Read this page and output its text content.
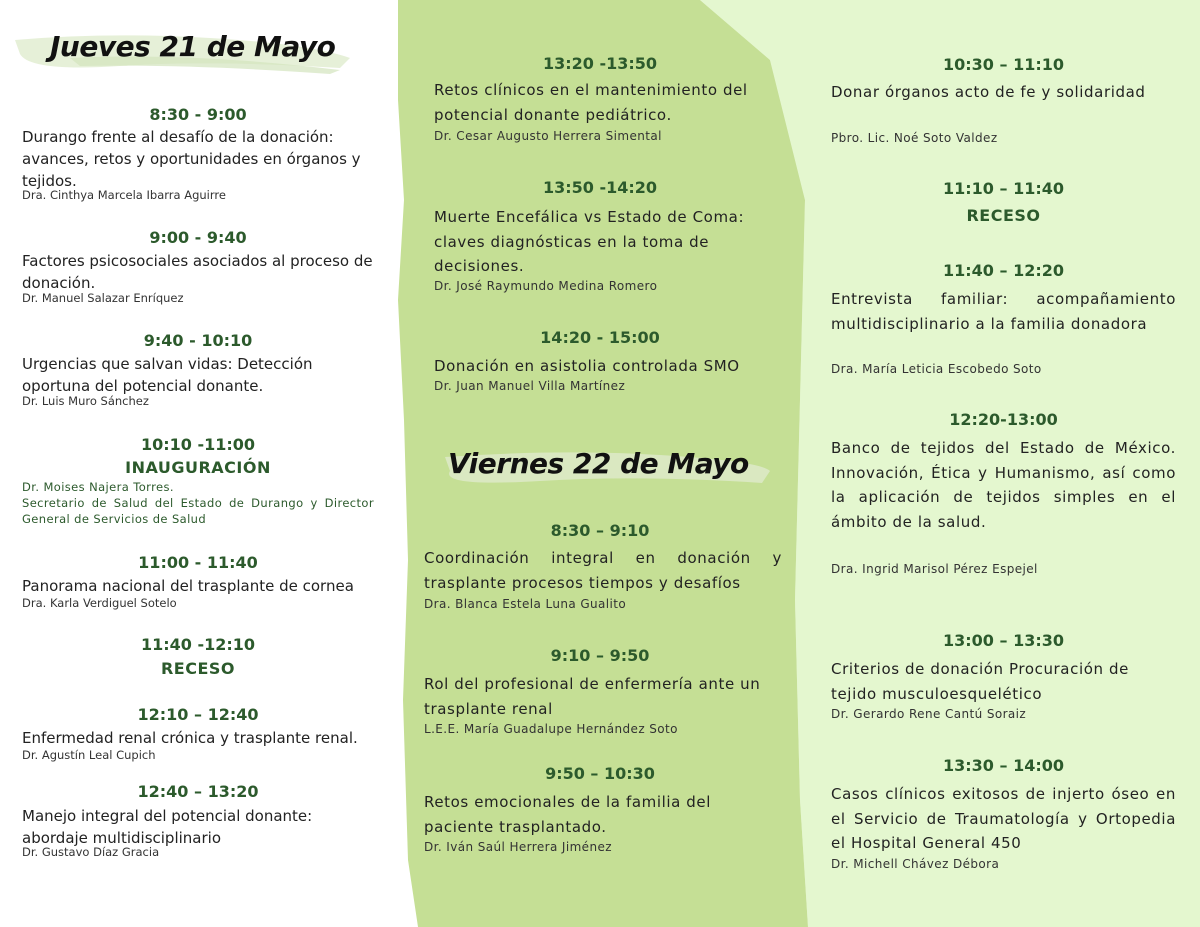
Jueves 21 de Mayo
8:30 - 9:00
Durango frente al desafío de la donación: avances, retos y oportunidades en órganos y tejidos.
Dra. Cinthya Marcela Ibarra Aguirre
9:00 - 9:40
Factores psicosociales asociados al proceso de donación.
Dr. Manuel Salazar Enríquez
9:40 - 10:10
Urgencias que salvan vidas: Detección oportuna del potencial donante.
Dr. Luis Muro Sánchez
10:10 -11:00
INAUGURACIÓN
Dr. Moises Najera Torres.
Secretario de Salud del Estado de Durango y Director General de Servicios de Salud
11:00 - 11:40
Panorama nacional del trasplante de cornea
Dra. Karla Verdiguel Sotelo
11:40 -12:10
RECESO
12:10 – 12:40
Enfermedad renal crónica y trasplante renal.
Dr. Agustín Leal Cupich
12:40 – 13:20
Manejo integral del potencial donante: abordaje multidisciplinario
Dr. Gustavo Díaz Gracia
13:20 -13:50
Retos clínicos en el mantenimiento del potencial donante pediátrico.
Dr. Cesar Augusto Herrera Simental
13:50 -14:20
Muerte Encefálica vs Estado de Coma: claves diagnósticas en la toma de decisiones.
Dr. José Raymundo Medina Romero
14:20 - 15:00
Donación en asistolia controlada SMO
Dr. Juan Manuel Villa Martínez
Viernes 22 de Mayo
8:30 – 9:10
Coordinación integral en donación y trasplante procesos tiempos y desafíos
Dra. Blanca Estela Luna Gualito
9:10 – 9:50
Rol del profesional de enfermería ante un trasplante renal
L.E.E. María Guadalupe Hernández Soto
9:50 – 10:30
Retos emocionales de la familia del paciente trasplantado.
Dr. Iván Saúl Herrera Jiménez
10:30 – 11:10
Donar órganos acto de fe y solidaridad
Pbro. Lic. Noé Soto Valdez
11:10 – 11:40
RECESO
11:40 – 12:20
Entrevista familiar: acompañamiento multidisciplinario a la familia donadora
Dra. María Leticia Escobedo Soto
12:20-13:00
Banco de tejidos del Estado de México. Innovación, Ética y Humanismo, así como la aplicación de tejidos simples en el ámbito de la salud.
Dra. Ingrid Marisol Pérez Espejel
13:00 – 13:30
Criterios de donación Procuración de tejido musculoesquelético
Dr. Gerardo Rene Cantú Soraiz
13:30 – 14:00
Casos clínicos exitosos de injerto óseo en el Servicio de Traumatología y Ortopedia el Hospital General 450
Dr. Michell Chávez Débora
